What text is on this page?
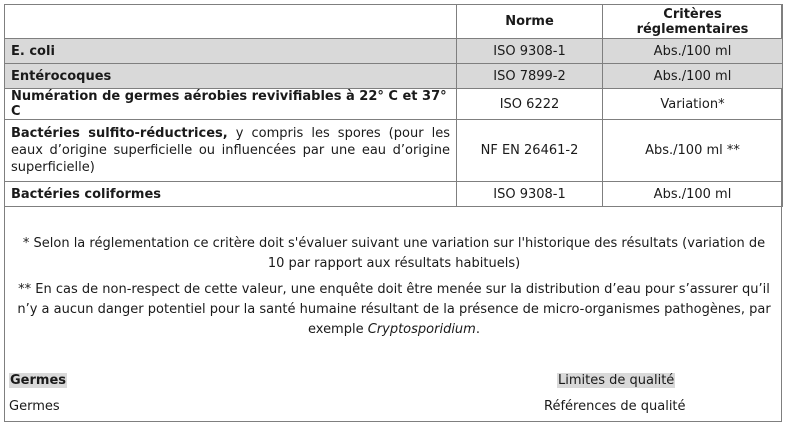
	Norme	Critères réglementaires
E. coli	ISO 9308-1	Abs./100 ml
Entérocoques	ISO 7899-2	Abs./100 ml
Numération de germes aérobies revivifiables à 22° C et 37° C	ISO 6222	Variation*

Bactéries sulfito-réductrices, y compris les spores (pour les
eaux d’origine superficielle ou influencées par une eau d’origine
superficielle)	NF EN 26461-2	Abs./100 ml **
Bactéries coliformes	ISO 9308-1	Abs./100 ml

* Selon la réglementation ce critère doit s'évaluer suivant une variation sur l'historique des résultats (variation de 10 par rapport aux résultats habituels)

** En cas de non-respect de cette valeur, une enquête doit être menée sur la distribution d’eau pour s’assurer qu’il n’y a aucun danger potentiel pour la santé humaine résultant de la présence de micro-organismes pathogènes, par exemple Cryptosporidium.

Germes	Limites de qualité
Germes	Références de qualité
